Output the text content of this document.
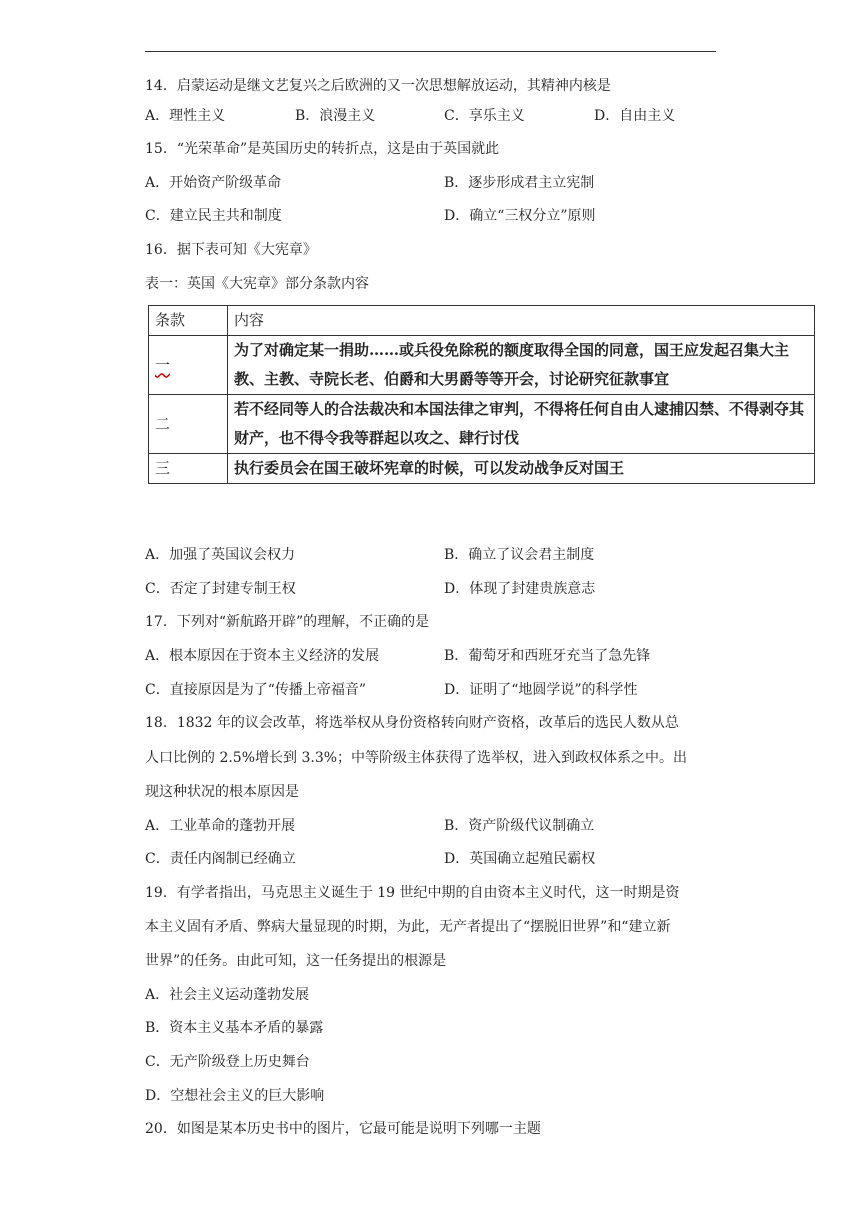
14．启蒙运动是继文艺复兴之后欧洲的又一次思想解放运动，其精神内核是
A．理性主义	B．浪漫主义	C．享乐主义	D．自由主义
15．“光荣革命”是英国历史的转折点，这是由于英国就此
A．开始资产阶级革命	B．逐步形成君主立宪制
C．建立民主共和制度	D．确立“三权分立”原则
16．据下表可知《大宪章》
表一：英国《大宪章》部分条款内容
条款	内容
一	为了对确定某一捐助……或兵役免除税的额度取得全国的同意，国王应发起召集大主教、主教、寺院长老、伯爵和大男爵等等开会，讨论研究征款事宜
二	若不经同等人的合法裁决和本国法律之审判，不得将任何自由人逮捕囚禁、不得剥夺其财产，也不得令我等群起以攻之、肆行讨伐
三	执行委员会在国王破坏宪章的时候，可以发动战争反对国王
A．加强了英国议会权力	B．确立了议会君主制度
C．否定了封建专制王权	D．体现了封建贵族意志
17．下列对“新航路开辟”的理解，不正确的是
A．根本原因在于资本主义经济的发展	B．葡萄牙和西班牙充当了急先锋
C．直接原因是为了“传播上帝福音”	D．证明了“地圆学说”的科学性
18．1832 年的议会改革，将选举权从身份资格转向财产资格，改革后的选民人数从总
人口比例的 2.5%增长到 3.3%；中等阶级主体获得了选举权，进入到政权体系之中。出
现这种状况的根本原因是
A．工业革命的蓬勃开展	B．资产阶级代议制确立
C．责任内阁制已经确立	D．英国确立起殖民霸权
19．有学者指出，马克思主义诞生于 19 世纪中期的自由资本主义时代，这一时期是资
本主义固有矛盾、弊病大量显现的时期，为此，无产者提出了“摆脱旧世界”和“建立新
世界”的任务。由此可知，这一任务提出的根源是
A．社会主义运动蓬勃发展
B．资本主义基本矛盾的暴露
C．无产阶级登上历史舞台
D．空想社会主义的巨大影响
20．如图是某本历史书中的图片，它最可能是说明下列哪一主题
